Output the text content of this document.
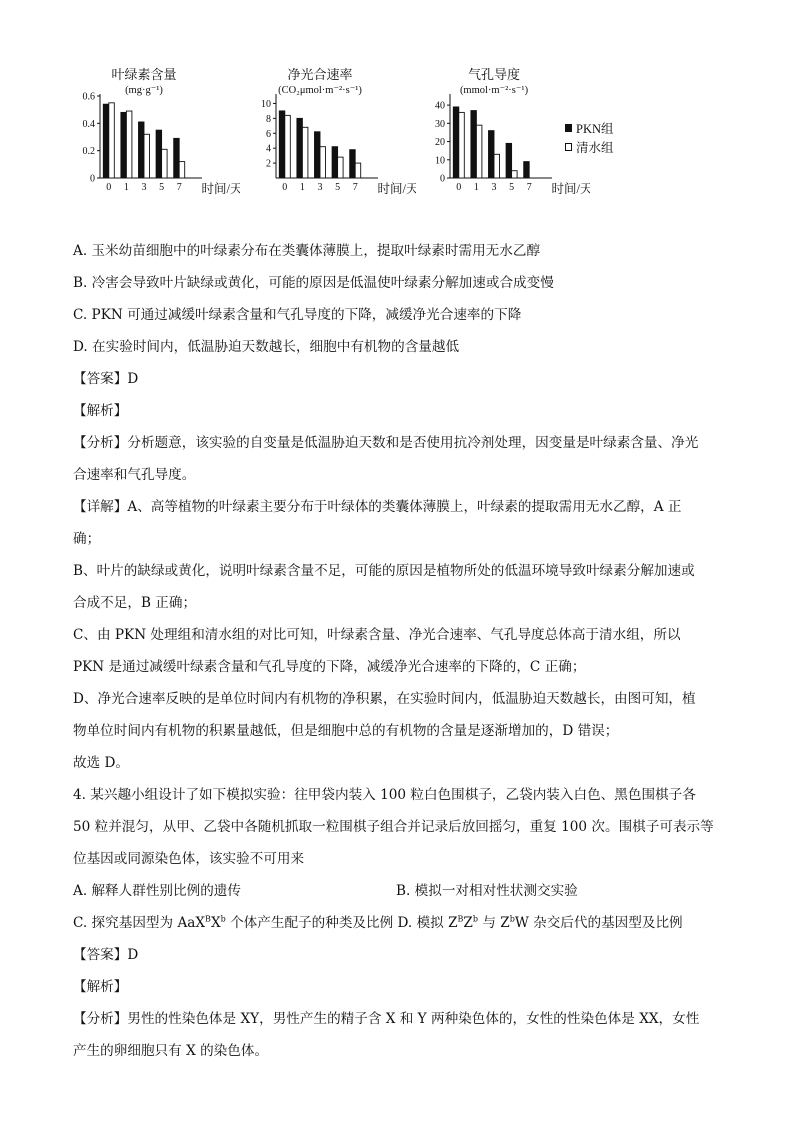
叶绿素含量
(mg·g⁻¹)
0
0.2
0.4
0.6
0 1 3 5 7 时间/天
净光合速率
(CO₂μmol·m⁻²·s⁻¹)
2
4
6
8
10
0 1 3 5 7 时间/天
气孔导度
(mmol·m⁻²·s⁻¹)
0
10
20
30
40
0 1 3 5 7 时间/天
PKN组
清水组
A. 玉米幼苗细胞中的叶绿素分布在类囊体薄膜上，提取叶绿素时需用无水乙醇
B. 冷害会导致叶片缺绿或黄化，可能的原因是低温使叶绿素分解加速或合成变慢
C. PKN 可通过减缓叶绿素含量和气孔导度的下降，减缓净光合速率的下降
D. 在实验时间内，低温胁迫天数越长，细胞中有机物的含量越低
【答案】D
【解析】
【分析】分析题意，该实验的自变量是低温胁迫天数和是否使用抗冷剂处理，因变量是叶绿素含量、净光
合速率和气孔导度。
【详解】A、高等植物的叶绿素主要分布于叶绿体的类囊体薄膜上，叶绿素的提取需用无水乙醇，A 正
确；
B、叶片的缺绿或黄化，说明叶绿素含量不足，可能的原因是植物所处的低温环境导致叶绿素分解加速或
合成不足，B 正确；
C、由 PKN 处理组和清水组的对比可知，叶绿素含量、净光合速率、气孔导度总体高于清水组，所以
PKN 是通过减缓叶绿素含量和气孔导度的下降，减缓净光合速率的下降的，C 正确；
D、净光合速率反映的是单位时间内有机物的净积累，在实验时间内，低温胁迫天数越长，由图可知，植
物单位时间内有机物的积累量越低，但是细胞中总的有机物的含量是逐渐增加的，D 错误；
故选 D。
4. 某兴趣小组设计了如下模拟实验：往甲袋内装入 100 粒白色围棋子，乙袋内装入白色、黑色围棋子各
50 粒并混匀，从甲、乙袋中各随机抓取一粒围棋子组合并记录后放回摇匀，重复 100 次。围棋子可表示等
位基因或同源染色体，该实验不可用来
A. 解释人群性别比例的遗传	B. 模拟一对相对性状测交实验
C. 探究基因型为 $AaX^BX^b$ 个体产生配子的种类及比例 D. 模拟 $Z^BZ^b$ 与 $Z^bW$ 杂交后代的基因型及比例
【答案】D
【解析】
【分析】男性的性染色体是 XY，男性产生的精子含 X 和 Y 两种染色体的，女性的性染色体是 XX，女性
产生的卵细胞只有 X 的染色体。
